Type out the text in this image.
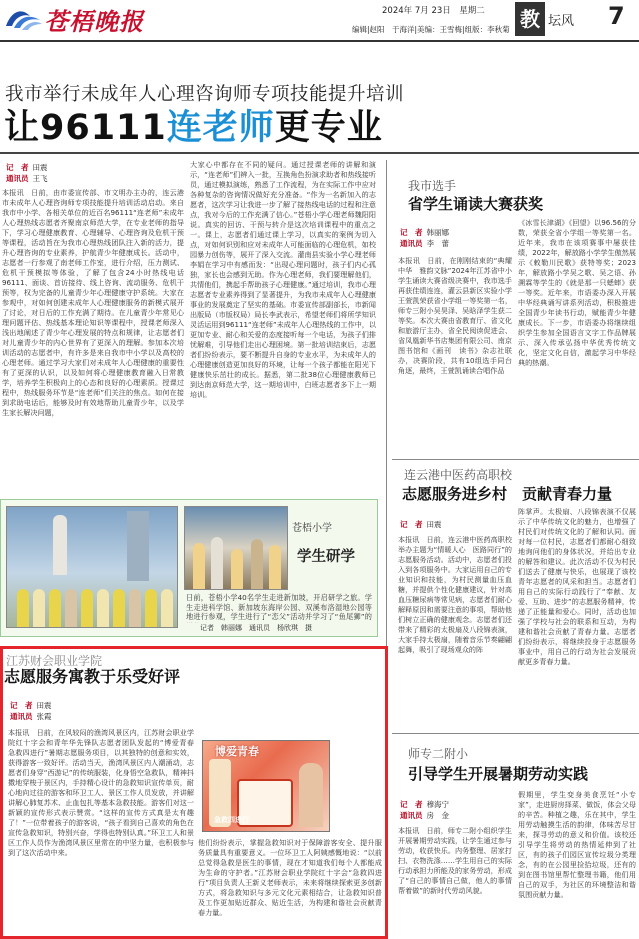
苍梧晚报	2024年 7月 23日　星期二
编辑|赵阳　于海洋|美编：王雪梅|组版：李秋菊 教 坛风 7
我市举行未成年人心理咨询师专项技能提升培训
让96111连老师更专业
记　者 田震
通讯员 王飞
本报讯　日前，由市委宣传部、市文明办主办的，连云港市未成年人心理咨询师专项技能提升培训活动启动。来自我市中小学、各相关单位的近百名96111“连老师”未成年人心理热线志愿者齐聚南京师范大学，在专业老师的指导下，学习心理健康教育、心理辅导、心理咨询及危机干预等课程，活动旨在为我市心理热线团队注入新的活力，提升心理咨询的专业素养，护航青少年健康成长。活动中，志愿者一行参观了南老师工作室，进行介绍，压力测试、危机干预模拟等体验，了解了包含24小时热线电话96111、面谈、首访接待、线上咨询、流动服务、危机干预等，权为完备的儿童青少年心理健康守护系统。大家在参观中，对如何创建未成年人心理健康服务的新模式展开了讨论，对日后的工作充满了期待。在儿童青少年常见心理问题评估、热线基本理论知识等课程中，授课老师深入浅出地阐述了青少年心理发展的特点和规律，让志愿者们对儿童青少年的内心世界有了更深入的理解。参加本次培训活动的志愿者中，有许多是来自我市中小学以及高校的心理老师。通过学习大家们对未成年人心理健康的重要性有了更深的认识，以及如何将心理健康教育融入日常教学，培养学生积极向上的心态和良好的心理素质。授课过程中，热线服务环节是“连老师”们关注的焦点。如何在接到求助电话后，能够及时有效地帮助儿童青少年，以及学生家长解决问题，
大家心中都存在不同的疑问。通过授课老师的讲解和演示，“连老师”们辨入一批，互换角色扮演求助者和热线接听员，通过模拟演练，熟悉了工作流程，为在实际工作中应对各种复杂的咨询情况做好充分准备。“作为一名新加入的志愿者，这次学习让我进一步了解了接热线电话的过程和注意点，我对今后的工作充满了信心。”苍梧小学心理老师魏阳阳说。真实的回访、干预与转介是这次培训课程中的重点之一。课上，志愿者们通过课上学习，以真实的案例为切入点，对如何识别和应对未成年人可能面临的心理危机，如校园暴力创伤等，展开了深入交流。灌南县实验小学心理老师李娟在学习中有感而发：“出现心理问题时，孩子们内心孤独，家长也会感到无助。作为心理老师，我们要理解他们，共情他们，携起手帮助孩子心理健康。”通过培训，我市心理志愿者专业素养得到了显著提升，为我市未成年人心理健康事业的发展奠定了坚实的基础。市委宣传部副部长，市新闻出版局（市版权局）局长李武表示，希望老师们将所学知识灵活运用到96111“连老师”未成年人心理热线的工作中，以更加专业、耐心和关爱的态度接听每一个电话，为孩子们排忧解难，引导他们走出心理困境。第一批培训结束后，志愿者们纷纷表示，要不断提升自身的专业水平，为未成年人的心理健康创造更加良好的环境，让每一个孩子都能在阳光下健康快乐茁壮的成长。据悉，第二批38位心理健康教师已到达南京师范大学，这一期培训中，白班志愿者多下上一期培训。
苍梧小学
学生研学
日前，苍梧小学40名学生走进新加坡，开启研学之旅。学生走进科学馆、新加坡东海岸公园、双溪布洛湿地公园等地进行参观，学生进行了“恋父”活动并学习了“鱼尾狮”的
记者　 韩丽娜　 通讯员　 杨欣琪　摄
江苏财会职业学院
志愿服务寓教于乐受好评
记　者 田震
通讯员 张霞
本报讯　日前，在风较闷的渔湾风景区内，江苏财会职业学院红十字会和青年华先锋队志愿者团队发起的“博爱青春　急救四进行”暑期志愿服务项目，以其独特的创意和实效，获得游客一致好评。活动当天，渔湾风景区内人潮涌动，志愿者们身穿“西游记”的传统服装，化身悟空急救队，精神抖擞地穿梭于景区内，手持精心设计的急救知识宣传单页，耐心地向过往的游客和环卫工人、景区工作人员发放，并讲解讲解心肺复苏术、止血包扎等基本急救技能。游客们对这一新颖的宣传形式表示赞赏。“这样的宣传方式真是太有趣了！”一位带着孩子的游客说，“孩子看到自己喜欢的角色在宣传急救知识，特别兴奋，学得也特别认真。”环卫工人和景区工作人员作为渔湾风景区里常在的中坚力量，也积极参与到了这次活动中来。
博爱青春
急救四进行
他们纷纷表示，掌握急救知识对于保障游客安全、提升服务质量具有重要意义。一位环卫工人阿姨感慨地说：“以前总觉得急救是医生的事情，现在才知道我们每个人都能成为生命的守护者。”江苏财会职业学院红十字会“急救四进行”项目负责人王新义老师表示，未来将继续探索更多创新方式，将急救知识与多元文化元素相结合，让急救知识普及工作更加贴近群众、贴近生活，为构建和谐社会贡献青春力量。
我市选手
省学生诵读大赛获奖
记　者 韩丽娜
通讯员 李　蕾
本报讯　日前，在刚刚结束的“典耀中华　雅韵文脉”2024年江苏省中小学生诵读大赛省级决赛中，我市选手再获佳绩连连，灌云县新区实验小学王萱凯荣获省小学组一等奖第一名，师专三附小吴昊泽、吴晗泽学生获二等奖。本次大赛由省教育厅、省文化和旅游厅主办，省全民阅读促进会、省凤凰新华书店集团有限公司、南京图书馆和《画刊　读书》杂志社联办，决赛阶段，共有10组选手同台角逐，最终，王萱凯诵读合唱作品
《冰雪长津湖》《回望》以96.56的分数，荣获全省小学组一等奖第一名。近年来，我市在该项赛事中屡获佳绩，2022年，解放路小学学生傲然展示《敕勒川民歌》获特等奖；2023年，解放路小学吴之歌、吴之语、孙溯霖等学生的《就是那一只蟋蟀》获一等奖。近年来，市语委办深入开展中华经典诵写讲系列活动，积极推进全国青少年读书行动，赋能青少年健康成长。下一步，市语委办将继续组织学生参加全国语言文字工作品牌展示、深入传承弘扬中华优秀传统文化，坚定文化自信，激起学习中华经典的热潮。
连云港中医药高职校
志愿服务进乡村　贡献青春力量
记　者 田震
本报讯　日前，连云港中医药高职校举办主题为“情暖人心　医路同行”的志愿服务活动。活动中，志愿者们投入到各项服务中。大家运用自己的专业知识和技能，为村民测量血压血糖，并提供个性化健康建议，针对高血压糖尿病等常见病，志愿者们耐心解释原因和需要注意的事项，帮助他们树立正确的健康观念。志愿者们还带来了精彩的太极扇及八段锦表演，大家手持太极扇，随着音乐节奏翩翩起舞，吸引了现场观众的阵
阵掌声。太极扇、八段锦表演不仅展示了中华传统文化的魅力，也增强了村民们对传统文化的了解和认同。面对每一位村民，志愿者们都耐心细致地询问他们的身体状况，并给出专业的解答和建议。此次活动不仅为村民们送去了健康与快乐，也展现了该校青年志愿者的风采和担当。志愿者们用自己的实际行动践行了“奉献、友爱、互助、进步”的志愿服务精神，传递了正能量和爱心。同时，活动也加强了学校与社会的联系和互动，为构建和谐社会贡献了青春力量。志愿者们纷纷表示，将继续投身于志愿服务事业中，用自己的行动为社会发展贡献更多青春力量。
师专二附小
引导学生开展暑期劳动实践
记　者 穆海宁
通讯员 房　金
本报讯　日前，师专二附小组织学生开展暑期劳动实践，让学生通过参与劳动，收获快乐。内务整理、居家打扫、衣物洗涤……学生用自己的实际行动承担力所能及的家务劳动，形成了“自己的事情自己做，他人的事情帮着做”的新时代劳动风貌。
假期里，学生变身美食烹饪“小专家”，走进厨房择菜、做饭，体会父母的辛苦。种植之趣，乐在其中，学生用劳动触摸生活的韵律，体味苦尽甘来，探寻劳动的意义和价值。该校还引导学生将劳动的热情延伸到了社区，有的孩子们园区宣传垃圾分类理念，有的在公园里捡拾垃圾，还有的到在图书馆里帮忙整理书籍，他们用自己的双手，为社区的环境整洁和谐氛围贡献力量。
